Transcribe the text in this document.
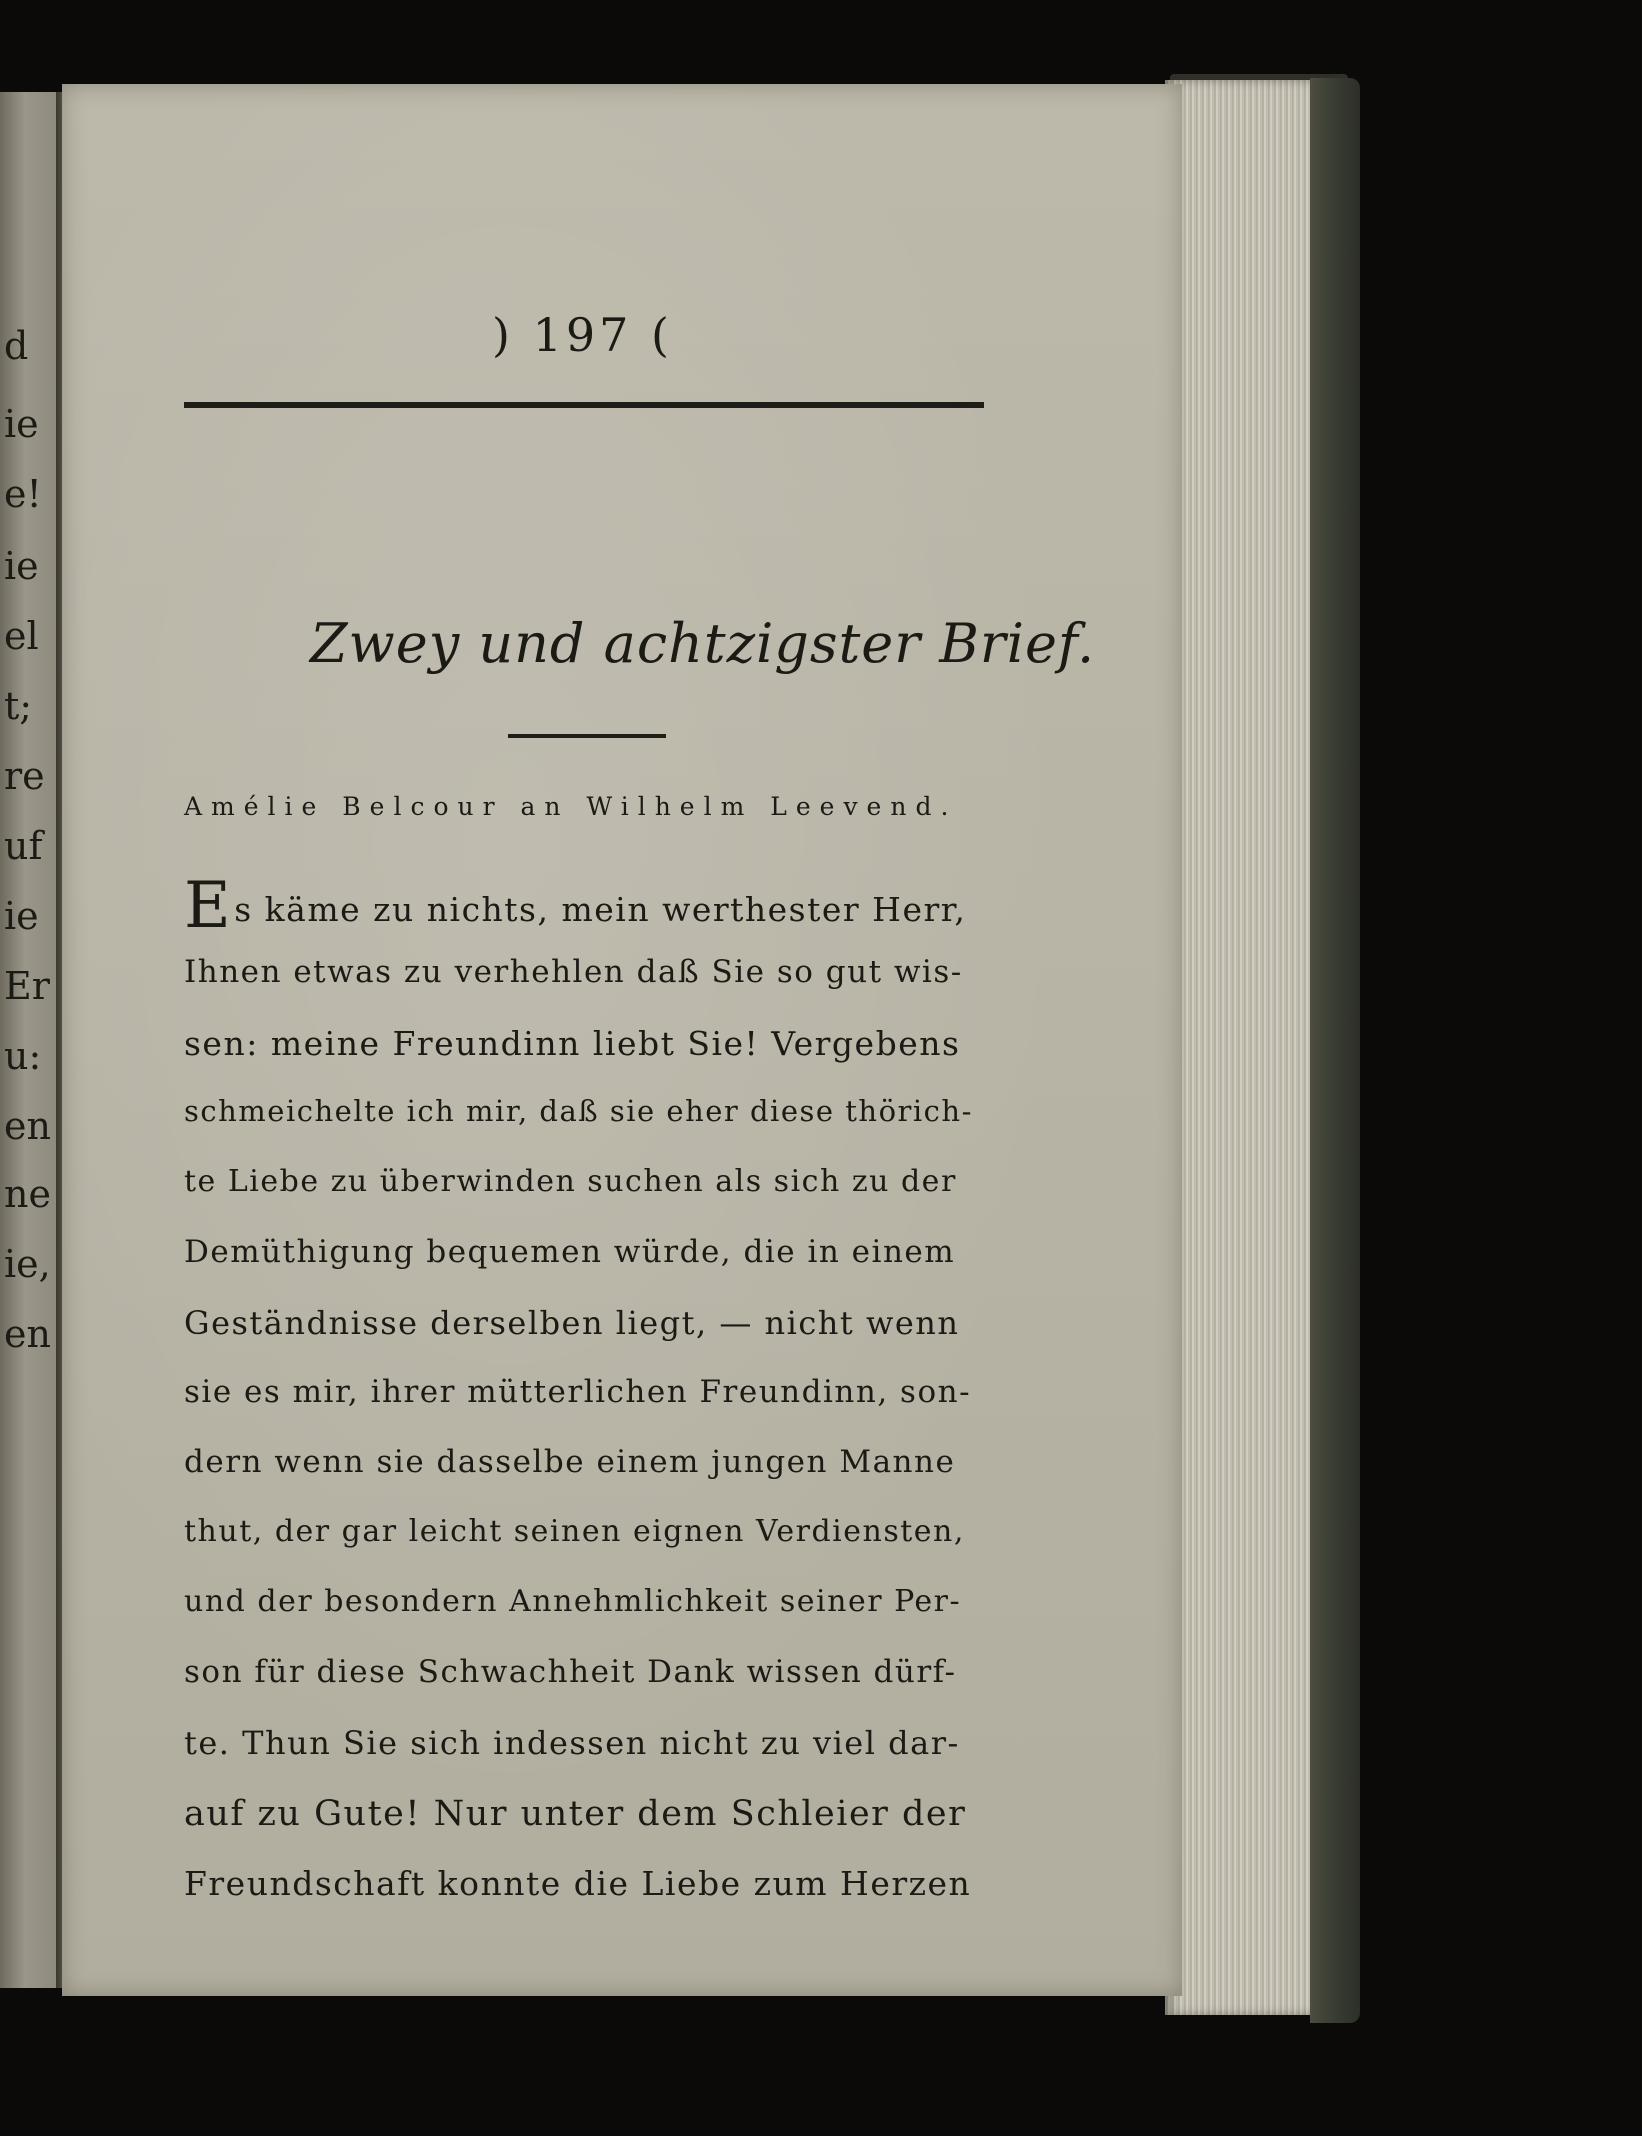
d
ie
e!
ie
el
t;
re
uf
ie
Er
u:
en
ne
ie,
en
) 197 (
Zwey und achtzigster Brief.
Amélie Belcour an Wilhelm Leevend.
Es käme zu nichts, mein werthester Herr,
Ihnen etwas zu verhehlen daß Sie so gut wis-
sen: meine Freundinn liebt Sie! Vergebens
schmeichelte ich mir, daß sie eher diese thörich-
te Liebe zu überwinden suchen als sich zu der
Demüthigung bequemen würde, die in einem
Geständnisse derselben liegt, — nicht wenn
sie es mir, ihrer mütterlichen Freundinn, son-
dern wenn sie dasselbe einem jungen Manne
thut, der gar leicht seinen eignen Verdiensten,
und der besondern Annehmlichkeit seiner Per-
son für diese Schwachheit Dank wissen dürf-
te. Thun Sie sich indessen nicht zu viel dar-
auf zu Gute! Nur unter dem Schleier der
Freundschaft konnte die Liebe zum Herzen
